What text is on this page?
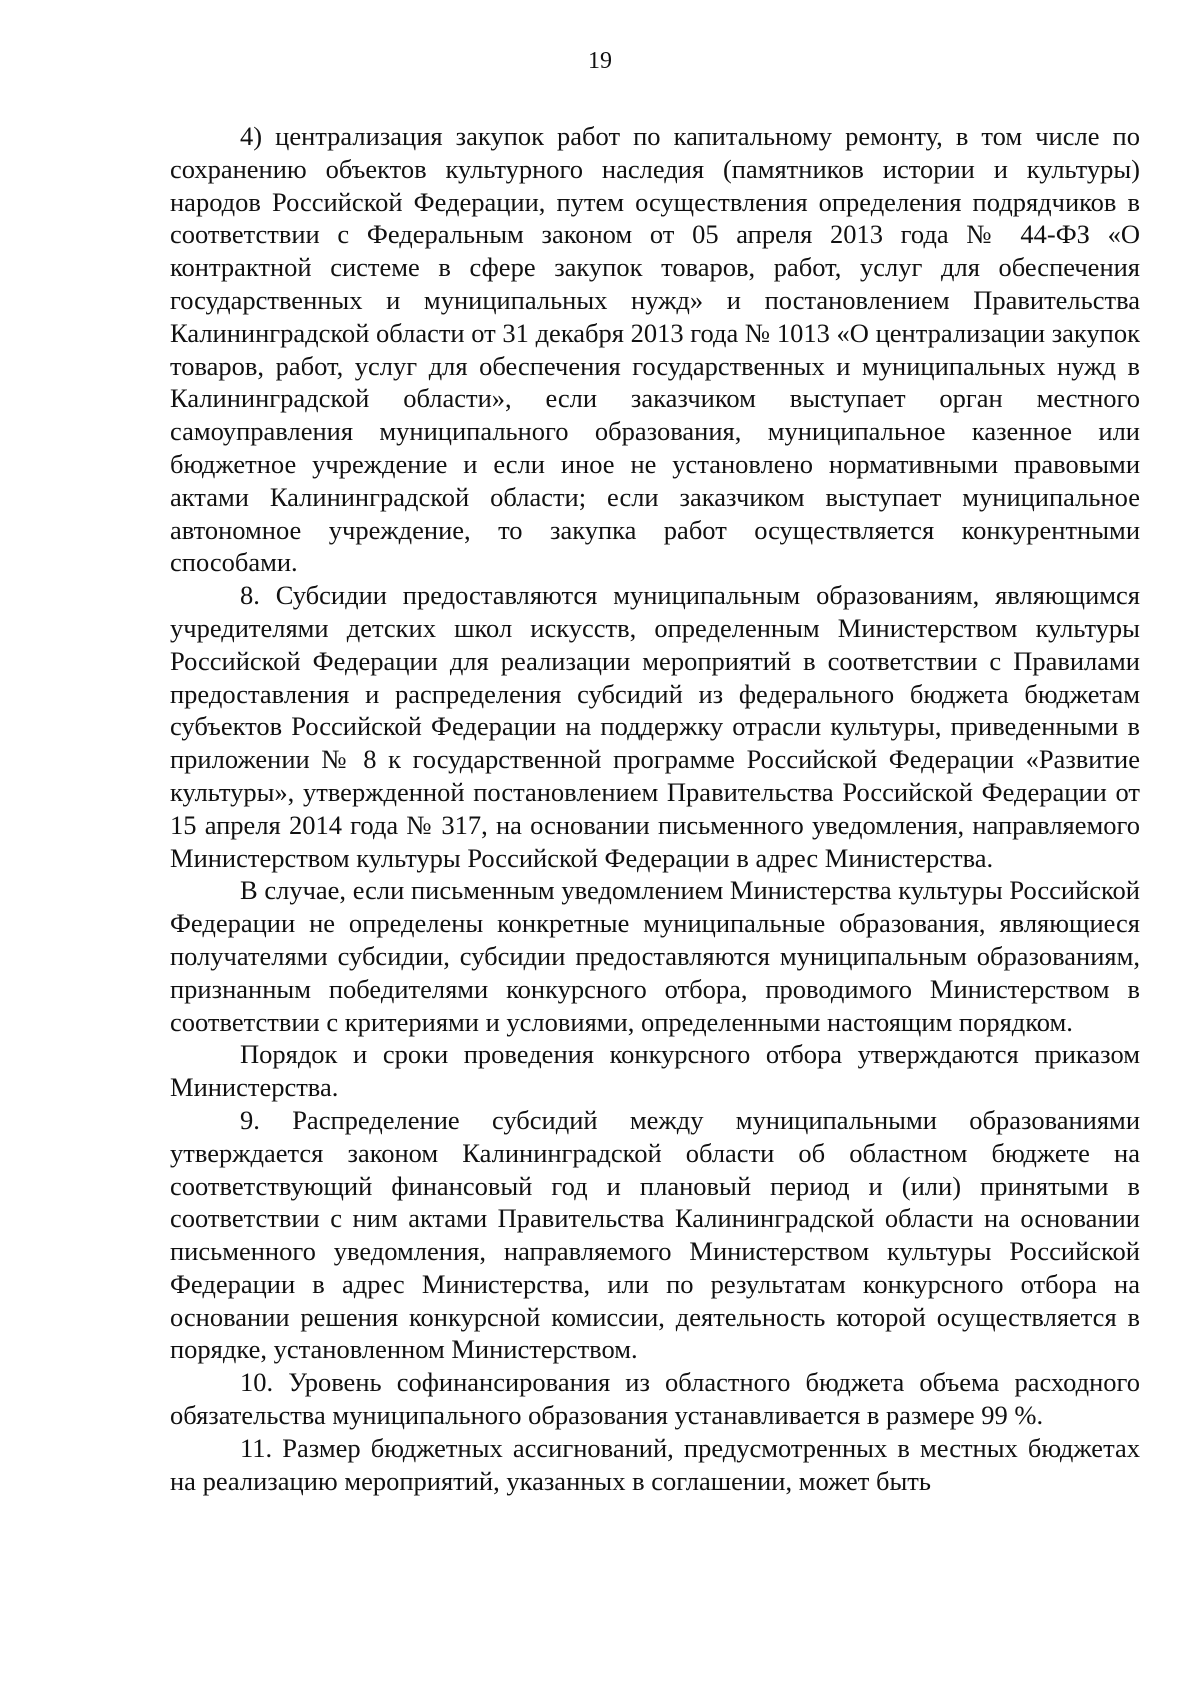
19

4) централизация закупок работ по капитальному ремонту, в том числе по сохранению объектов культурного наследия (памятников истории и культуры) народов Российской Федерации, путем осуществления определения подрядчиков в соответствии с Федеральным законом от 05 апреля 2013 года № 44-ФЗ «О контрактной системе в сфере закупок товаров, работ, услуг для обеспечения государственных и муниципальных нужд» и постановлением Правительства Калининградской области от 31 декабря 2013 года № 1013 «О централизации закупок товаров, работ, услуг для обеспечения государственных и муниципальных нужд в Калининградской области», если заказчиком выступает орган местного самоуправления муниципального образования, муниципальное казенное или бюджетное учреждение и если иное не установлено нормативными правовыми актами Калининградской области; если заказчиком выступает муниципальное автономное учреждение, то закупка работ осуществляется конкурентными способами.

8. Субсидии предоставляются муниципальным образованиям, являющимся учредителями детских школ искусств, определенным Министерством культуры Российской Федерации для реализации мероприятий в соответствии с Правилами предоставления и распределения субсидий из федерального бюджета бюджетам субъектов Российской Федерации на поддержку отрасли культуры, приведенными в приложении № 8 к государственной программе Российской Федерации «Развитие культуры», утвержденной постановлением Правительства Российской Федерации от 15 апреля 2014 года № 317, на основании письменного уведомления, направляемого Министерством культуры Российской Федерации в адрес Министерства.

В случае, если письменным уведомлением Министерства культуры Российской Федерации не определены конкретные муниципальные образования, являющиеся получателями субсидии, субсидии предоставляются муниципальным образованиям, признанным победителями конкурсного отбора, проводимого Министерством в соответствии с критериями и условиями, определенными настоящим порядком.

Порядок и сроки проведения конкурсного отбора утверждаются приказом Министерства.

9. Распределение субсидий между муниципальными образованиями утверждается законом Калининградской области об областном бюджете на соответствующий финансовый год и плановый период и (или) принятыми в соответствии с ним актами Правительства Калининградской области на основании письменного уведомления, направляемого Министерством культуры Российской Федерации в адрес Министерства, или по результатам конкурсного отбора на основании решения конкурсной комиссии, деятельность которой осуществляется в порядке, установленном Министерством.

10. Уровень софинансирования из областного бюджета объема расходного обязательства муниципального образования устанавливается в размере 99 %.

11. Размер бюджетных ассигнований, предусмотренных в местных бюджетах на реализацию мероприятий, указанных в соглашении, может быть
